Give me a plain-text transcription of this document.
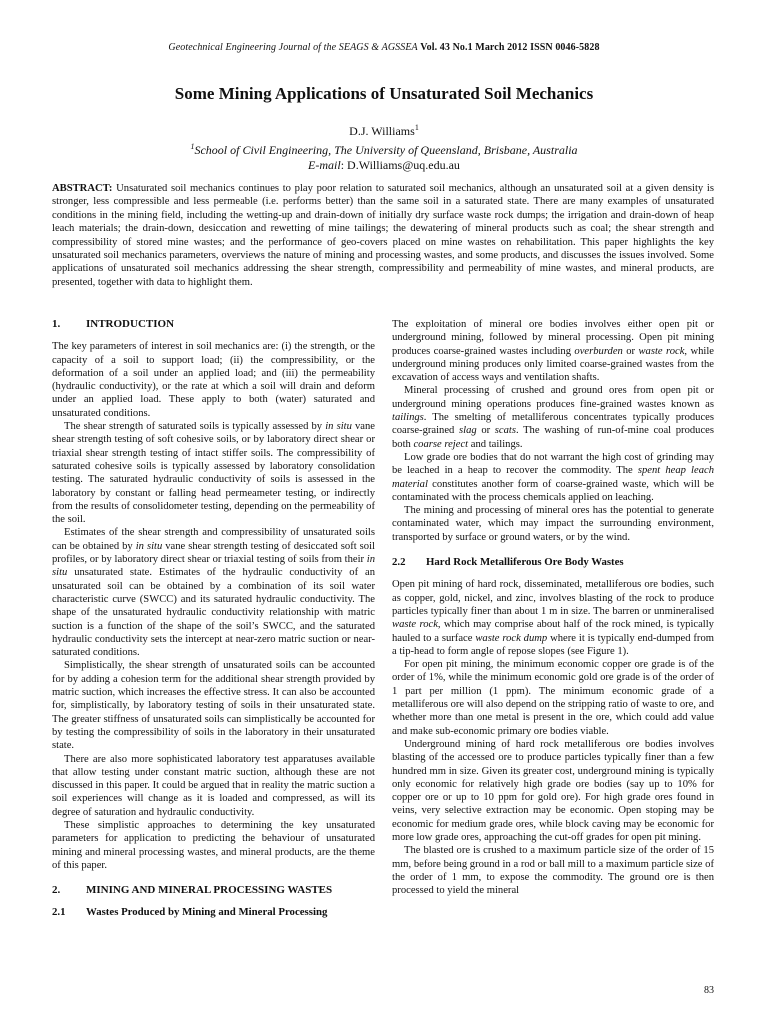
Geotechnical Engineering Journal of the SEAGS & AGSSEA Vol. 43 No.1 March 2012 ISSN 0046-5828
Some Mining Applications of Unsaturated Soil Mechanics
D.J. Williams$^1$
$^1$School of Civil Engineering, The University of Queensland, Brisbane, Australia
E-mail: D.Williams@uq.edu.au

ABSTRACT: Unsaturated soil mechanics continues to play poor relation to saturated soil mechanics, although an unsaturated soil at a given density is stronger, less compressible and less permeable (i.e. performs better) than the same soil in a saturated state. There are many examples of unsaturated conditions in the mining field, including the wetting-up and drain-down of initially dry surface waste rock dumps; the irrigation and drain-down of heap leach materials; the drain-down, desiccation and rewetting of mine tailings; the dewatering of mineral products such as coal; the shear strength and compressibility of stored mine wastes; and the performance of geo-covers placed on mine wastes on rehabilitation. This paper highlights the key unsaturated soil mechanics parameters, overviews the nature of mining and processing wastes, and some products, and discusses the issues involved. Some applications of unsaturated soil mechanics addressing the shear strength, compressibility and permeability of mine wastes, and mineral products, are presented, together with data to highlight them.

1.	INTRODUCTION

The key parameters of interest in soil mechanics are: (i) the strength, or the capacity of a soil to support load; (ii) the compressibility, or the deformation of a soil under an applied load; and (iii) the permeability (hydraulic conductivity), or the rate at which a soil will drain and deform under an applied load. These apply to both (water) saturated and unsaturated conditions.

The shear strength of saturated soils is typically assessed by in situ vane shear strength testing of soft cohesive soils, or by laboratory direct shear or triaxial shear strength testing of intact stiffer soils. The compressibility of saturated cohesive soils is typically assessed by laboratory consolidation testing. The saturated hydraulic conductivity of soils is assessed in the laboratory by constant or falling head permeameter testing, or indirectly from the results of consolidometer testing, depending on the permeability of the soil.

Estimates of the shear strength and compressibility of unsaturated soils can be obtained by in situ vane shear strength testing of desiccated soft soil profiles, or by laboratory direct shear or triaxial testing of soils from their in situ unsaturated state. Estimates of the hydraulic conductivity of an unsaturated soil can be obtained by a combination of its soil water characteristic curve (SWCC) and its saturated hydraulic conductivity. The shape of the unsaturated hydraulic conductivity relationship with matric suction is a function of the shape of the soil’s SWCC, and the saturated hydraulic conductivity sets the intercept at near-zero matric suction or near-saturated conditions.

Simplistically, the shear strength of unsaturated soils can be accounted for by adding a cohesion term for the additional shear strength provided by matric suction, which increases the effective stress. It can also be accounted for, simplistically, by laboratory testing of soils in their unsaturated state. The greater stiffness of unsaturated soils can simplistically be accounted for by testing the compressibility of soils in the laboratory in their unsaturated state.

There are also more sophisticated laboratory test apparatuses available that allow testing under constant matric suction, although these are not discussed in this paper. It could be argued that in reality the matric suction a soil experiences will change as it is loaded and compressed, as will its degree of saturation and hydraulic conductivity.

These simplistic approaches to determining the key unsaturated parameters for application to predicting the behaviour of unsaturated mining and mineral processing wastes, and mineral products, are the theme of this paper.

2.	MINING AND MINERAL PROCESSING WASTES
2.1	Wastes Produced by Mining and Mineral Processing

The exploitation of mineral ore bodies involves either open pit or underground mining, followed by mineral processing. Open pit mining produces coarse-grained wastes including overburden or waste rock, while underground mining produces only limited coarse-grained wastes from the excavation of access ways and ventilation shafts.

Mineral processing of crushed and ground ores from open pit or underground mining operations produces fine-grained wastes known as tailings. The smelting of metalliferous concentrates typically produces coarse-grained slag or scats. The washing of run-of-mine coal produces both coarse reject and tailings.

Low grade ore bodies that do not warrant the high cost of grinding may be leached in a heap to recover the commodity. The spent heap leach material constitutes another form of coarse-grained waste, which will be contaminated with the process chemicals applied on leaching.

The mining and processing of mineral ores has the potential to generate contaminated water, which may impact the surrounding environment, transported by surface or ground waters, or by the wind.

2.2	Hard Rock Metalliferous Ore Body Wastes

Open pit mining of hard rock, disseminated, metalliferous ore bodies, such as copper, gold, nickel, and zinc, involves blasting of the rock to produce particles typically finer than about 1 m in size. The barren or unmineralised waste rock, which may comprise about half of the rock mined, is typically hauled to a surface waste rock dump where it is typically end-dumped from a tip-head to form angle of repose slopes (see Figure 1).

For open pit mining, the minimum economic copper ore grade is of the order of 1%, while the minimum economic gold ore grade is of the order of 1 part per million (1 ppm). The minimum economic grade of a metalliferous ore will also depend on the stripping ratio of waste to ore, and whether more than one metal is present in the ore, which could add value and make sub-economic primary ore bodies viable.

Underground mining of hard rock metalliferous ore bodies involves blasting of the accessed ore to produce particles typically finer than a few hundred mm in size. Given its greater cost, underground mining is typically only economic for relatively high grade ore bodies (say up to 10% for copper ore or up to 10 ppm for gold ore). For high grade ores found in veins, very selective extraction may be economic. Open stoping may be economic for medium grade ores, while block caving may be economic for more low grade ores, approaching the cut-off grades for open pit mining.

The blasted ore is crushed to a maximum particle size of the order of 15 mm, before being ground in a rod or ball mill to a maximum particle size of the order of 1 mm, to expose the commodity. The ground ore is then processed to yield the mineral

83
